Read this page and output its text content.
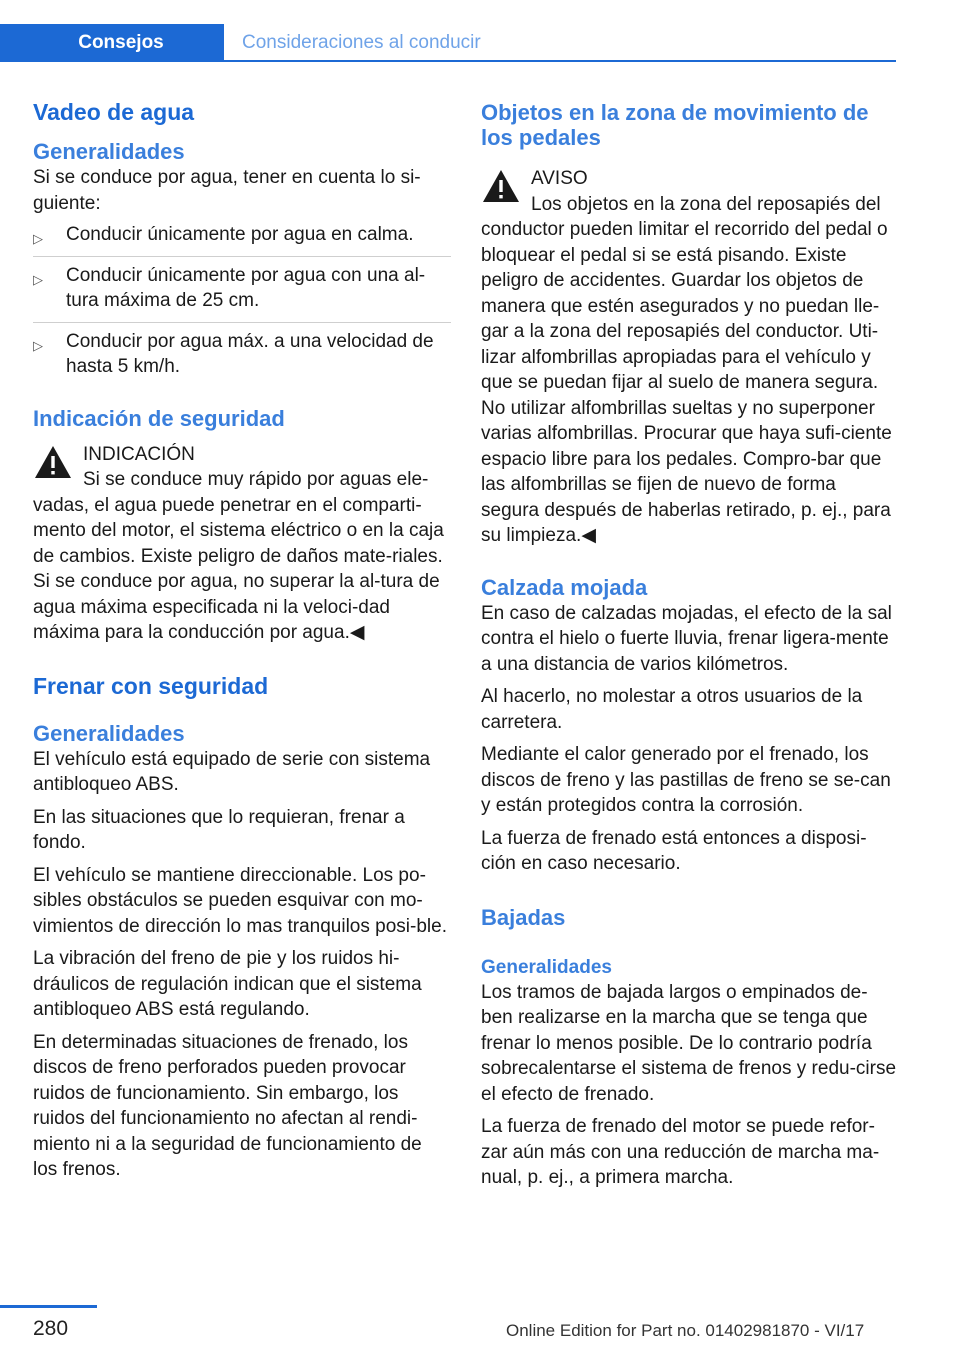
Consejos	Consideraciones al conducir
Vadeo de agua
Generalidades

Si se conduce por agua, tener en cuenta lo si-guiente:

▷ Conducir únicamente por agua en calma.
▷ Conducir únicamente por agua con una al-tura máxima de 25 cm.
▷ Conducir por agua máx. a una velocidad de hasta 5 km/h.
Indicación de seguridad
INDICACIÓN

Si se conduce muy rápido por aguas ele-

vadas, el agua puede penetrar en el comparti-mento del motor, el sistema eléctrico o en la caja de cambios. Existe peligro de daños mate-riales. Si se conduce por agua, no superar la al-tura de agua máxima especificada ni la veloci-dad máxima para la conducción por agua.◀

Frenar con seguridad
Generalidades

El vehículo está equipado de serie con sistema antibloqueo ABS.

En las situaciones que lo requieran, frenar a fondo.

El vehículo se mantiene direccionable. Los po-sibles obstáculos se pueden esquivar con mo-vimientos de dirección lo mas tranquilos posi-ble.

La vibración del freno de pie y los ruidos hi-dráulicos de regulación indican que el sistema antibloqueo ABS está regulando.

En determinadas situaciones de frenado, los discos de freno perforados pueden provocar ruidos de funcionamiento. Sin embargo, los ruidos del funcionamiento no afectan al rendi-miento ni a la seguridad de funcionamiento de los frenos.

Objetos en la zona de movimiento de los pedales
AVISO

Los objetos en la zona del reposapiés del

conductor pueden limitar el recorrido del pedal o bloquear el pedal si se está pisando. Existe peligro de accidentes. Guardar los objetos de manera que estén asegurados y no puedan lle-gar a la zona del reposapiés del conductor. Uti-lizar alfombrillas apropiadas para el vehículo y que se puedan fijar al suelo de manera segura. No utilizar alfombrillas sueltas y no superponer varias alfombrillas. Procurar que haya sufi-ciente espacio libre para los pedales. Compro-bar que las alfombrillas se fijen de nuevo de forma segura después de haberlas retirado, p. ej., para su limpieza.◀

Calzada mojada

En caso de calzadas mojadas, el efecto de la sal contra el hielo o fuerte lluvia, frenar ligera-mente a una distancia de varios kilómetros.

Al hacerlo, no molestar a otros usuarios de la carretera.

Mediante el calor generado por el frenado, los discos de freno y las pastillas de freno se se-can y están protegidos contra la corrosión.

La fuerza de frenado está entonces a disposi-ción en caso necesario.

Bajadas
Generalidades

Los tramos de bajada largos o empinados de-ben realizarse en la marcha que se tenga que frenar lo menos posible. De lo contrario podría sobrecalentarse el sistema de frenos y redu-cirse el efecto de frenado.

La fuerza de frenado del motor se puede refor-zar aún más con una reducción de marcha ma-nual, p. ej., a primera marcha.

280	Online Edition for Part no. 01402981870 - VI/17
